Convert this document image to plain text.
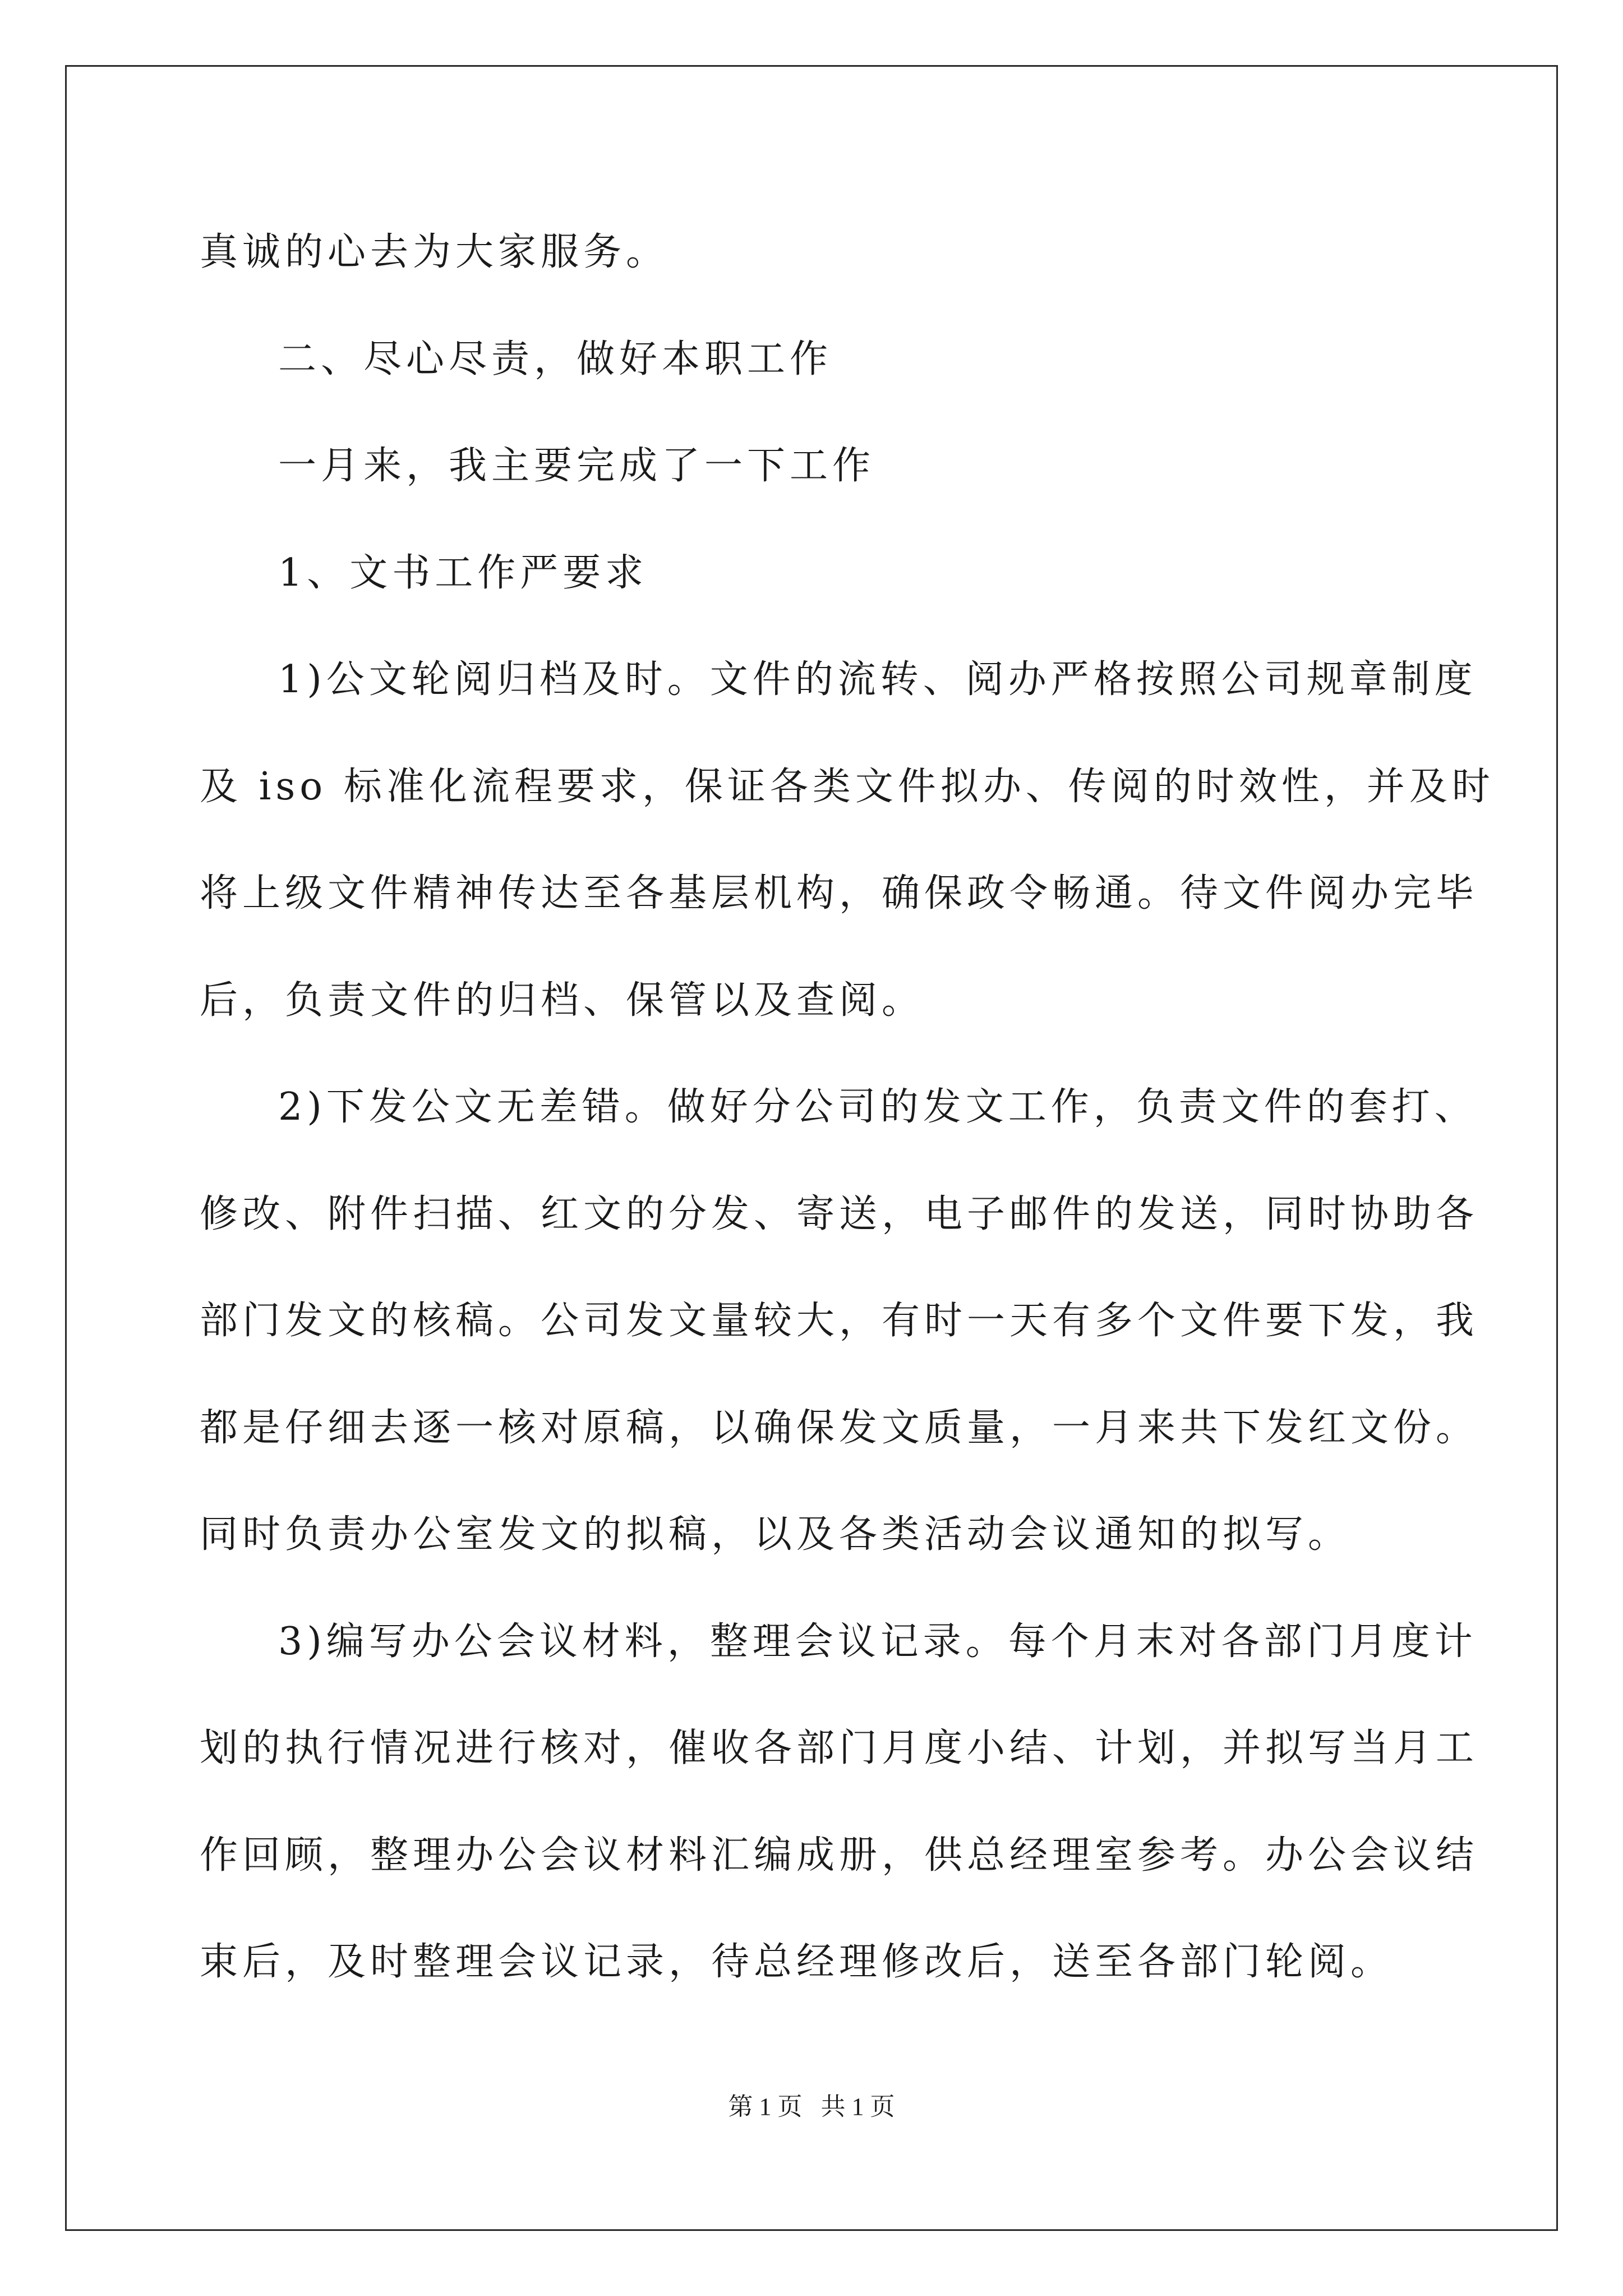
真诚的心去为大家服务。

二、尽心尽责，做好本职工作

一月来，我主要完成了一下工作

1、文书工作严要求

1)公文轮阅归档及时。文件的流转、阅办严格按照公司规章制度

及 iso 标准化流程要求，保证各类文件拟办、传阅的时效性，并及时

将上级文件精神传达至各基层机构，确保政令畅通。待文件阅办完毕

后，负责文件的归档、保管以及查阅。

2)下发公文无差错。做好分公司的发文工作，负责文件的套打、

修改、附件扫描、红文的分发、寄送，电子邮件的发送，同时协助各

部门发文的核稿。公司发文量较大，有时一天有多个文件要下发，我

都是仔细去逐一核对原稿，以确保发文质量，一月来共下发红文份。

同时负责办公室发文的拟稿，以及各类活动会议通知的拟写。

3)编写办公会议材料，整理会议记录。每个月末对各部门月度计

划的执行情况进行核对，催收各部门月度小结、计划，并拟写当月工

作回顾，整理办公会议材料汇编成册，供总经理室参考。办公会议结

束后，及时整理会议记录，待总经理修改后，送至各部门轮阅。

第 1 页   共 1 页
